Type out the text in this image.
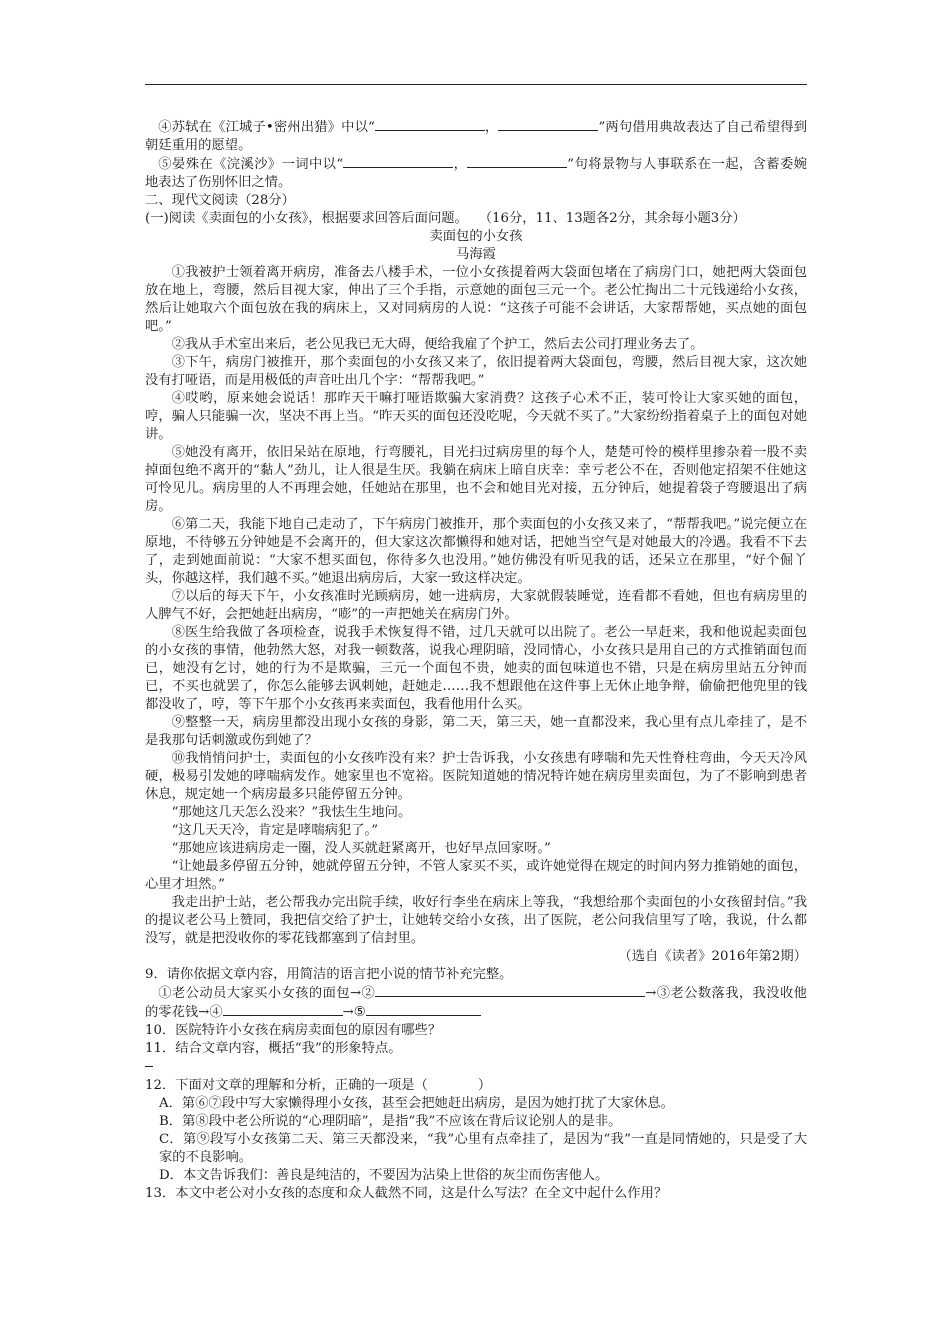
④苏轼在《江城子•密州出猎》中以“	，	”两句借用典故表达了自己希望得到朝廷重用的愿望。

⑤晏殊在《浣溪沙》一词中以“	，	”句将景物与人事联系在一起，含蓄委婉地表达了伤别怀旧之情。

二、现代文阅读（28分）

(一)阅读《卖面包的小女孩》，根据要求回答后面问题。　 （16分，11、13题各2分，其余每小题3分）

卖面包的小女孩

马海霞

①我被护士领着离开病房，准备去八楼手术，一位小女孩提着两大袋面包堵在了病房门口，她把两大袋面包放在地上，弯腰，然后目视大家，伸出了三个手指，示意她的面包三元一个。老公忙掏出二十元钱递给小女孩，然后让她取六个面包放在我的病床上，又对同病房的人说：“这孩子可能不会讲话，大家帮帮她，买点她的面包吧。”

②我从手术室出来后，老公见我已无大碍，便给我雇了个护工，然后去公司打理业务去了。

③下午，病房门被推开，那个卖面包的小女孩又来了，依旧提着两大袋面包，弯腰，然后目视大家，这次她没有打哑语，而是用极低的声音吐出几个字：“帮帮我吧。”

④哎哟，原来她会说话！那昨天干嘛打哑语欺骗大家消费？这孩子心术不正，装可怜让大家买她的面包，哼，骗人只能骗一次，坚决不再上当。“昨天买的面包还没吃呢，今天就不买了。”大家纷纷指着桌子上的面包对她讲。

⑤她没有离开，依旧呆站在原地，行弯腰礼，目光扫过病房里的每个人，楚楚可怜的模样里掺杂着一股不卖掉面包绝不离开的“黏人”劲儿，让人很是生厌。我躺在病床上暗自庆幸：幸亏老公不在，否则他定招架不住她这可怜见儿。病房里的人不再理会她，任她站在那里，也不会和她目光对接，五分钟后，她提着袋子弯腰退出了病房。

⑥第二天，我能下地自己走动了，下午病房门被推开，那个卖面包的小女孩又来了，“帮帮我吧。”说完便立在原地，不待够五分钟她是不会离开的，但大家这次都懒得和她对话，把她当空气是对她最大的冷遇。我看不下去了，走到她面前说：“大家不想买面包，你待多久也没用。”她仿佛没有听见我的话，还呆立在那里，“好个倔丫头，你越这样，我们越不买。”她退出病房后，大家一致这样决定。

⑦以后的每天下午，小女孩准时光顾病房，她一进病房，大家就假装睡觉，连看都不看她，但也有病房里的人脾气不好，会把她赶出病房，“嘭”的一声把她关在病房门外。

⑧医生给我做了各项检查，说我手术恢复得不错，过几天就可以出院了。老公一早赶来，我和他说起卖面包的小女孩的事情，他勃然大怒，对我一顿数落，说我心理阴暗，没同情心，小女孩只是用自己的方式推销面包而已，她没有乞讨，她的行为不是欺骗，三元一个面包不贵，她卖的面包味道也不错，只是在病房里站五分钟而已，不买也就罢了，你怎么能够去讽刺她，赶她走……我不想跟他在这件事上无休止地争辩，偷偷把他兜里的钱都没收了，哼，等下午那个小女孩再来卖面包，我看他用什么买。

⑨整整一天，病房里都没出现小女孩的身影，第二天，第三天，她一直都没来，我心里有点儿牵挂了，是不是我那句话刺激或伤到她了？

⑩我悄悄问护士，卖面包的小女孩咋没有来？护士告诉我，小女孩患有哮喘和先天性脊柱弯曲，今天天冷风硬，极易引发她的哮喘病发作。她家里也不宽裕。医院知道她的情况特许她在病房里卖面包，为了不影响到患者休息，规定她一个病房最多只能停留五分钟。

“那她这几天怎么没来？”我怯生生地问。

“这几天天冷，肯定是哮喘病犯了。”

“那她应该进病房走一圈，没人买就赶紧离开，也好早点回家呀。”

“让她最多停留五分钟，她就停留五分钟，不管人家买不买，或许她觉得在规定的时间内努力推销她的面包，心里才坦然。”

我走出护士站，老公帮我办完出院手续，收好行李坐在病床上等我，“我想给那个卖面包的小女孩留封信。”我的提议老公马上赞同，我把信交给了护士，让她转交给小女孩，出了医院，老公问我信里写了啥，我说，什么都没写，就是把没收你的零花钱都塞到了信封里。

（选自《读者》2016年第2期）

9．请你依据文章内容，用简洁的语言把小说的情节补充完整。

①老公动员大家买小女孩的面包→②	→③老公数落我，我没收他的零花钱→④	→⑤

10．医院特许小女孩在病房卖面包的原因有哪些？

11．结合文章内容，概括“我”的形象特点。

12．下面对文章的理解和分析，正确的一项是（	）

A．第⑥⑦段中写大家懒得理小女孩，甚至会把她赶出病房，是因为她打扰了大家休息。

B．第⑧段中老公所说的“心理阴暗”，是指“我”不应该在背后议论别人的是非。

C．第⑨段写小女孩第二天、第三天都没来，“我”心里有点牵挂了，是因为“我”一直是同情她的，只是受了大家的不良影响。

D．本文告诉我们：善良是纯洁的，不要因为沾染上世俗的灰尘而伤害他人。

13．本文中老公对小女孩的态度和众人截然不同，这是什么写法？在全文中起什么作用？
